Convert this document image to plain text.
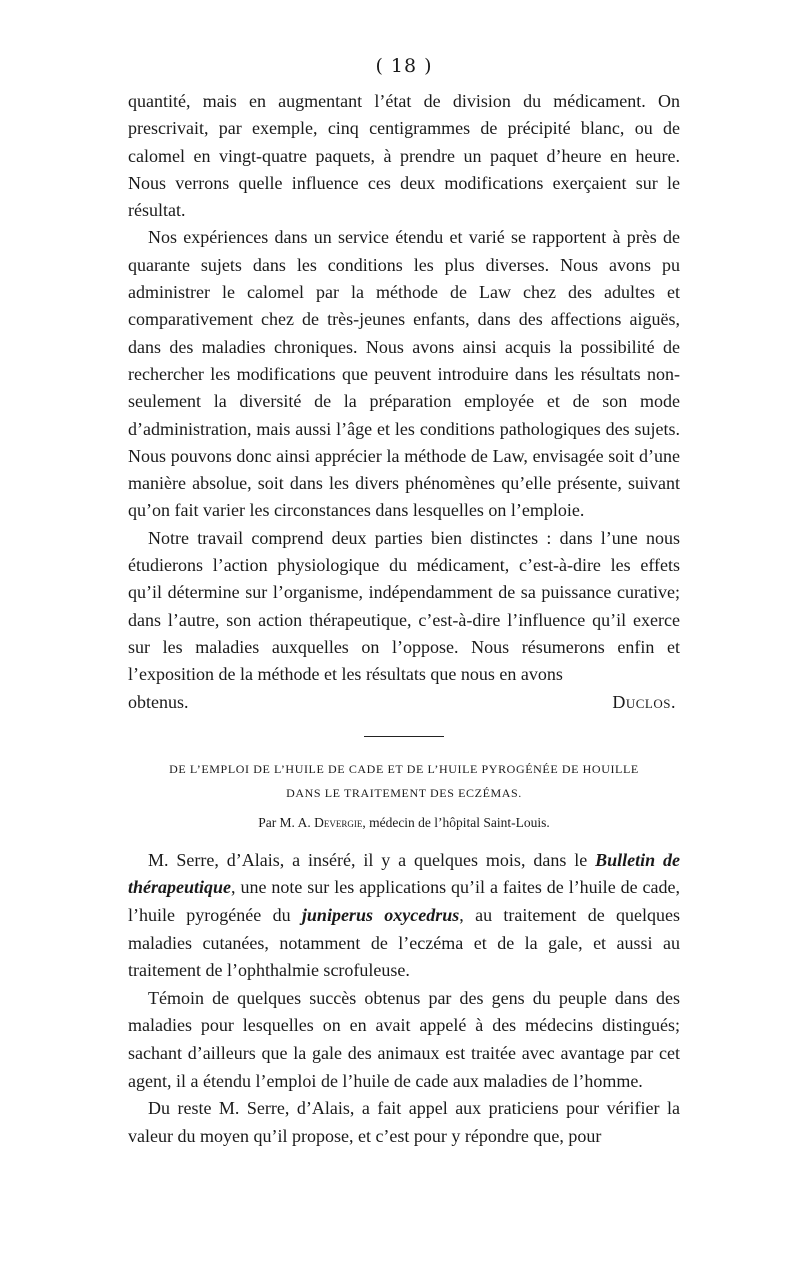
( 18 )

quantité, mais en augmentant l’état de division du médicament. On prescrivait, par exemple, cinq centigrammes de précipité blanc, ou de calomel en vingt-quatre paquets, à prendre un paquet d’heure en heure. Nous verrons quelle influence ces deux modifications exerçaient sur le résultat.

Nos expériences dans un service étendu et varié se rapportent à près de quarante sujets dans les conditions les plus diverses. Nous avons pu administrer le calomel par la méthode de Law chez des adultes et comparativement chez de très-jeunes enfants, dans des affections aiguës, dans des maladies chroniques. Nous avons ainsi acquis la possibilité de rechercher les modifications que peuvent introduire dans les résultats non-seulement la diversité de la préparation employée et de son mode d’administration, mais aussi l’âge et les conditions pathologiques des sujets. Nous pouvons donc ainsi apprécier la méthode de Law, envisagée soit d’une manière absolue, soit dans les divers phénomènes qu’elle présente, suivant qu’on fait varier les circonstances dans lesquelles on l’emploie.

Notre travail comprend deux parties bien distinctes : dans l’une nous étudierons l’action physiologique du médicament, c’est-à-dire les effets qu’il détermine sur l’organisme, indépendamment de sa puissance curative; dans l’autre, son action thérapeutique, c’est-à-dire l’influence qu’il exerce sur les maladies auxquelles on l’oppose. Nous résumerons enfin et l’exposition de la méthode et les résultats que nous en avons

obtenus.	Duclos.
DE L’EMPLOI DE L’HUILE DE CADE ET DE L’HUILE PYROGÉNÉE DE HOUILLE
DANS LE TRAITEMENT DES ECZÉMAS.
Par M. A. Devergie, médecin de l’hôpital Saint-Louis.

M. Serre, d’Alais, a inséré, il y a quelques mois, dans le Bulletin de thérapeutique, une note sur les applications qu’il a faites de l’huile de cade, l’huile pyrogénée du juniperus oxycedrus, au traitement de quelques maladies cutanées, notamment de l’eczéma et de la gale, et aussi au traitement de l’ophthalmie scrofuleuse.

Témoin de quelques succès obtenus par des gens du peuple dans des maladies pour lesquelles on en avait appelé à des médecins distingués; sachant d’ailleurs que la gale des animaux est traitée avec avantage par cet agent, il a étendu l’emploi de l’huile de cade aux maladies de l’homme.

Du reste M. Serre, d’Alais, a fait appel aux praticiens pour vérifier la valeur du moyen qu’il propose, et c’est pour y répondre que, pour
